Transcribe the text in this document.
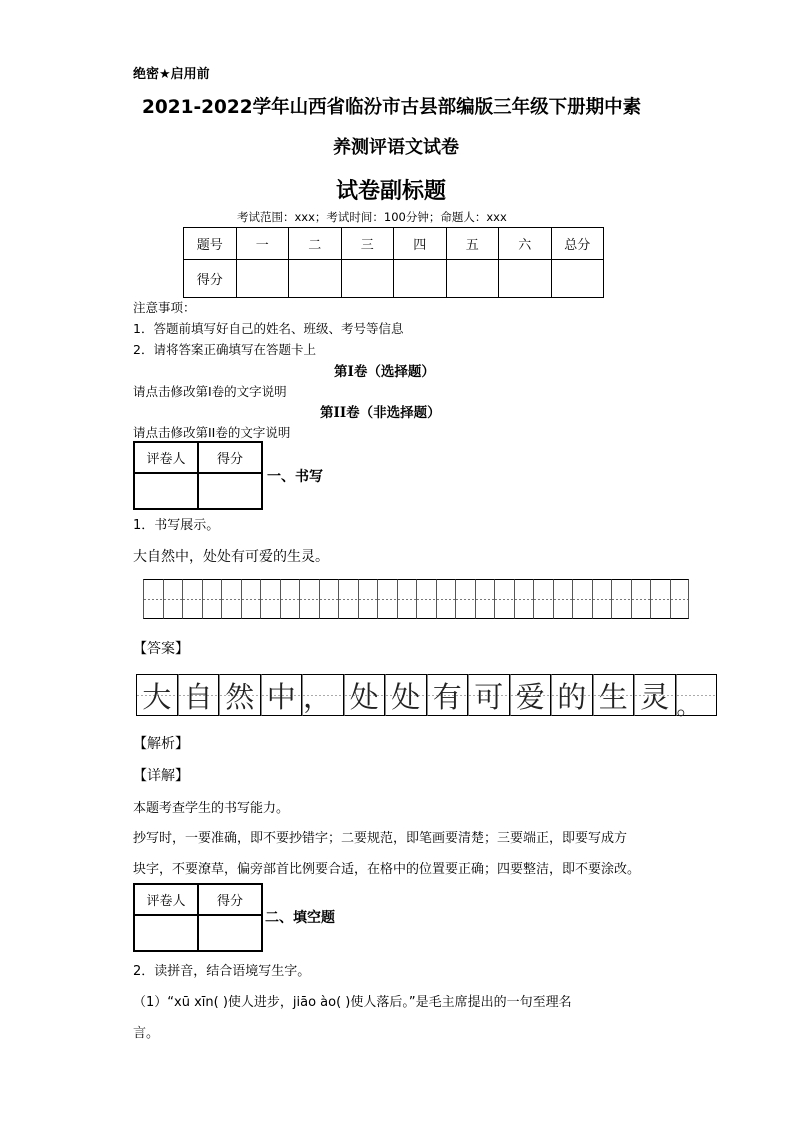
绝密★启用前
2021-2022学年山西省临汾市古县部编版三年级下册期中素
养测评语文试卷
试卷副标题
考试范围：xxx；考试时间：100分钟；命题人：xxx
题号	一	二	三	四	五	六	总分
得分							
注意事项：
1．答题前填写好自己的姓名、班级、考号等信息
2．请将答案正确填写在答题卡上
第I卷（选择题）
请点击修改第I卷的文字说明
第II卷（非选择题）
请点击修改第II卷的文字说明
评卷人	得分

一、书写
1．书写展示。
大自然中，处处有可爱的生灵。
【答案】
大 自 然 中 ， 处 处 有 可 爱 的 生 灵 。
【解析】
【详解】
本题考查学生的书写能力。
抄写时，一要准确，即不要抄错字；二要规范，即笔画要清楚；三要端正，即要写成方
块字，不要潦草，偏旁部首比例要合适，在格中的位置要正确；四要整洁，即不要涂改。
评卷人	得分

二、填空题
2．读拼音，结合语境写生字。
（1）“xū xīn( )使人进步，jiāo ào( )使人落后。”是毛主席提出的一句至理名
言。
